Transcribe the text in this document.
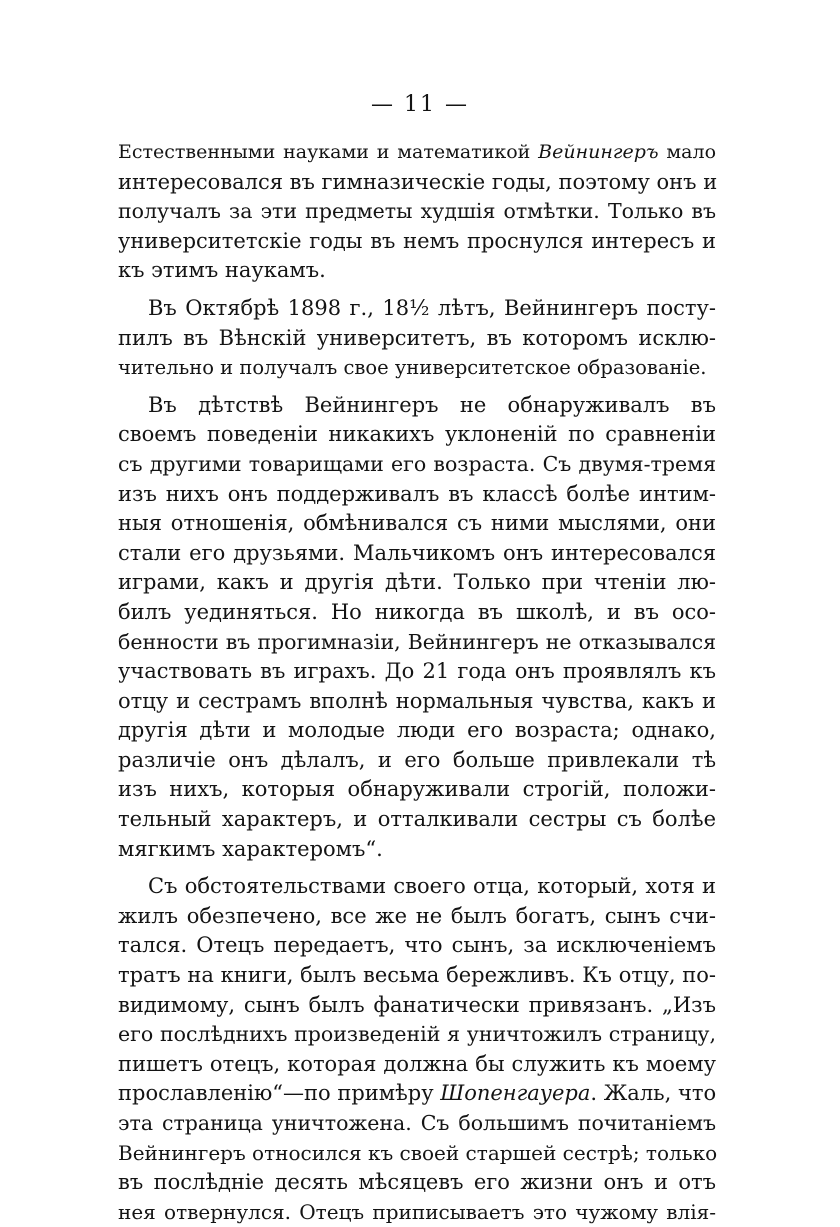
— 11 —
Естественными науками и математикой Вейнингеръ мало
интересовался въ гимназическіе годы, поэтому онъ и
получалъ за эти предметы худшія отмѣтки. Только въ
университетскіе годы въ немъ проснулся интересъ и
къ этимъ наукамъ.
Въ Октябрѣ 1898 г., 18½ лѣтъ, Вейнингеръ посту-
пилъ въ Вѣнскій университетъ, въ которомъ исклю-
чительно и получалъ свое университетское образованіе.
Въ дѣтствѣ Вейнингеръ не обнаруживалъ въ
своемъ поведеніи никакихъ уклоненій по сравненіи
съ другими товарищами его возраста. Съ двумя-тремя
изъ нихъ онъ поддерживалъ въ классѣ болѣе интим-
ныя отношенія, обмѣнивался съ ними мыслями, они
стали его друзьями. Мальчикомъ онъ интересовался
играми, какъ и другія дѣти. Только при чтеніи лю-
билъ уединяться. Но никогда въ школѣ, и въ осо-
бенности въ прогимназіи, Вейнингеръ не отказывался
участвовать въ играхъ. До 21 года онъ проявлялъ къ
отцу и сестрамъ вполнѣ нормальныя чувства, какъ и
другія дѣти и молодые люди его возраста; однако,
различіе онъ дѣлалъ, и его больше привлекали тѣ
изъ нихъ, которыя обнаруживали строгій, положи-
тельный характеръ, и отталкивали сестры съ болѣе
мягкимъ характеромъ“.
Съ обстоятельствами своего отца, который, хотя и
жилъ обезпечено, все же не былъ богатъ, сынъ счи-
тался. Отецъ передаетъ, что сынъ, за исключеніемъ
тратъ на книги, былъ весьма бережливъ. Къ отцу, по-
видимому, сынъ былъ фанатически привязанъ. „Изъ
его послѣднихъ произведеній я уничтожилъ страницу,
пишетъ отецъ, которая должна бы служить къ моему
прославленію“—по примѣру Шопенгауера. Жаль, что
эта страница уничтожена. Съ большимъ почитаніемъ
Вейнингеръ относился къ своей старшей сестрѣ; только
въ послѣдніе десять мѣсяцевъ его жизни онъ и отъ
нея отвернулся. Отецъ приписываетъ это чужому влія-
